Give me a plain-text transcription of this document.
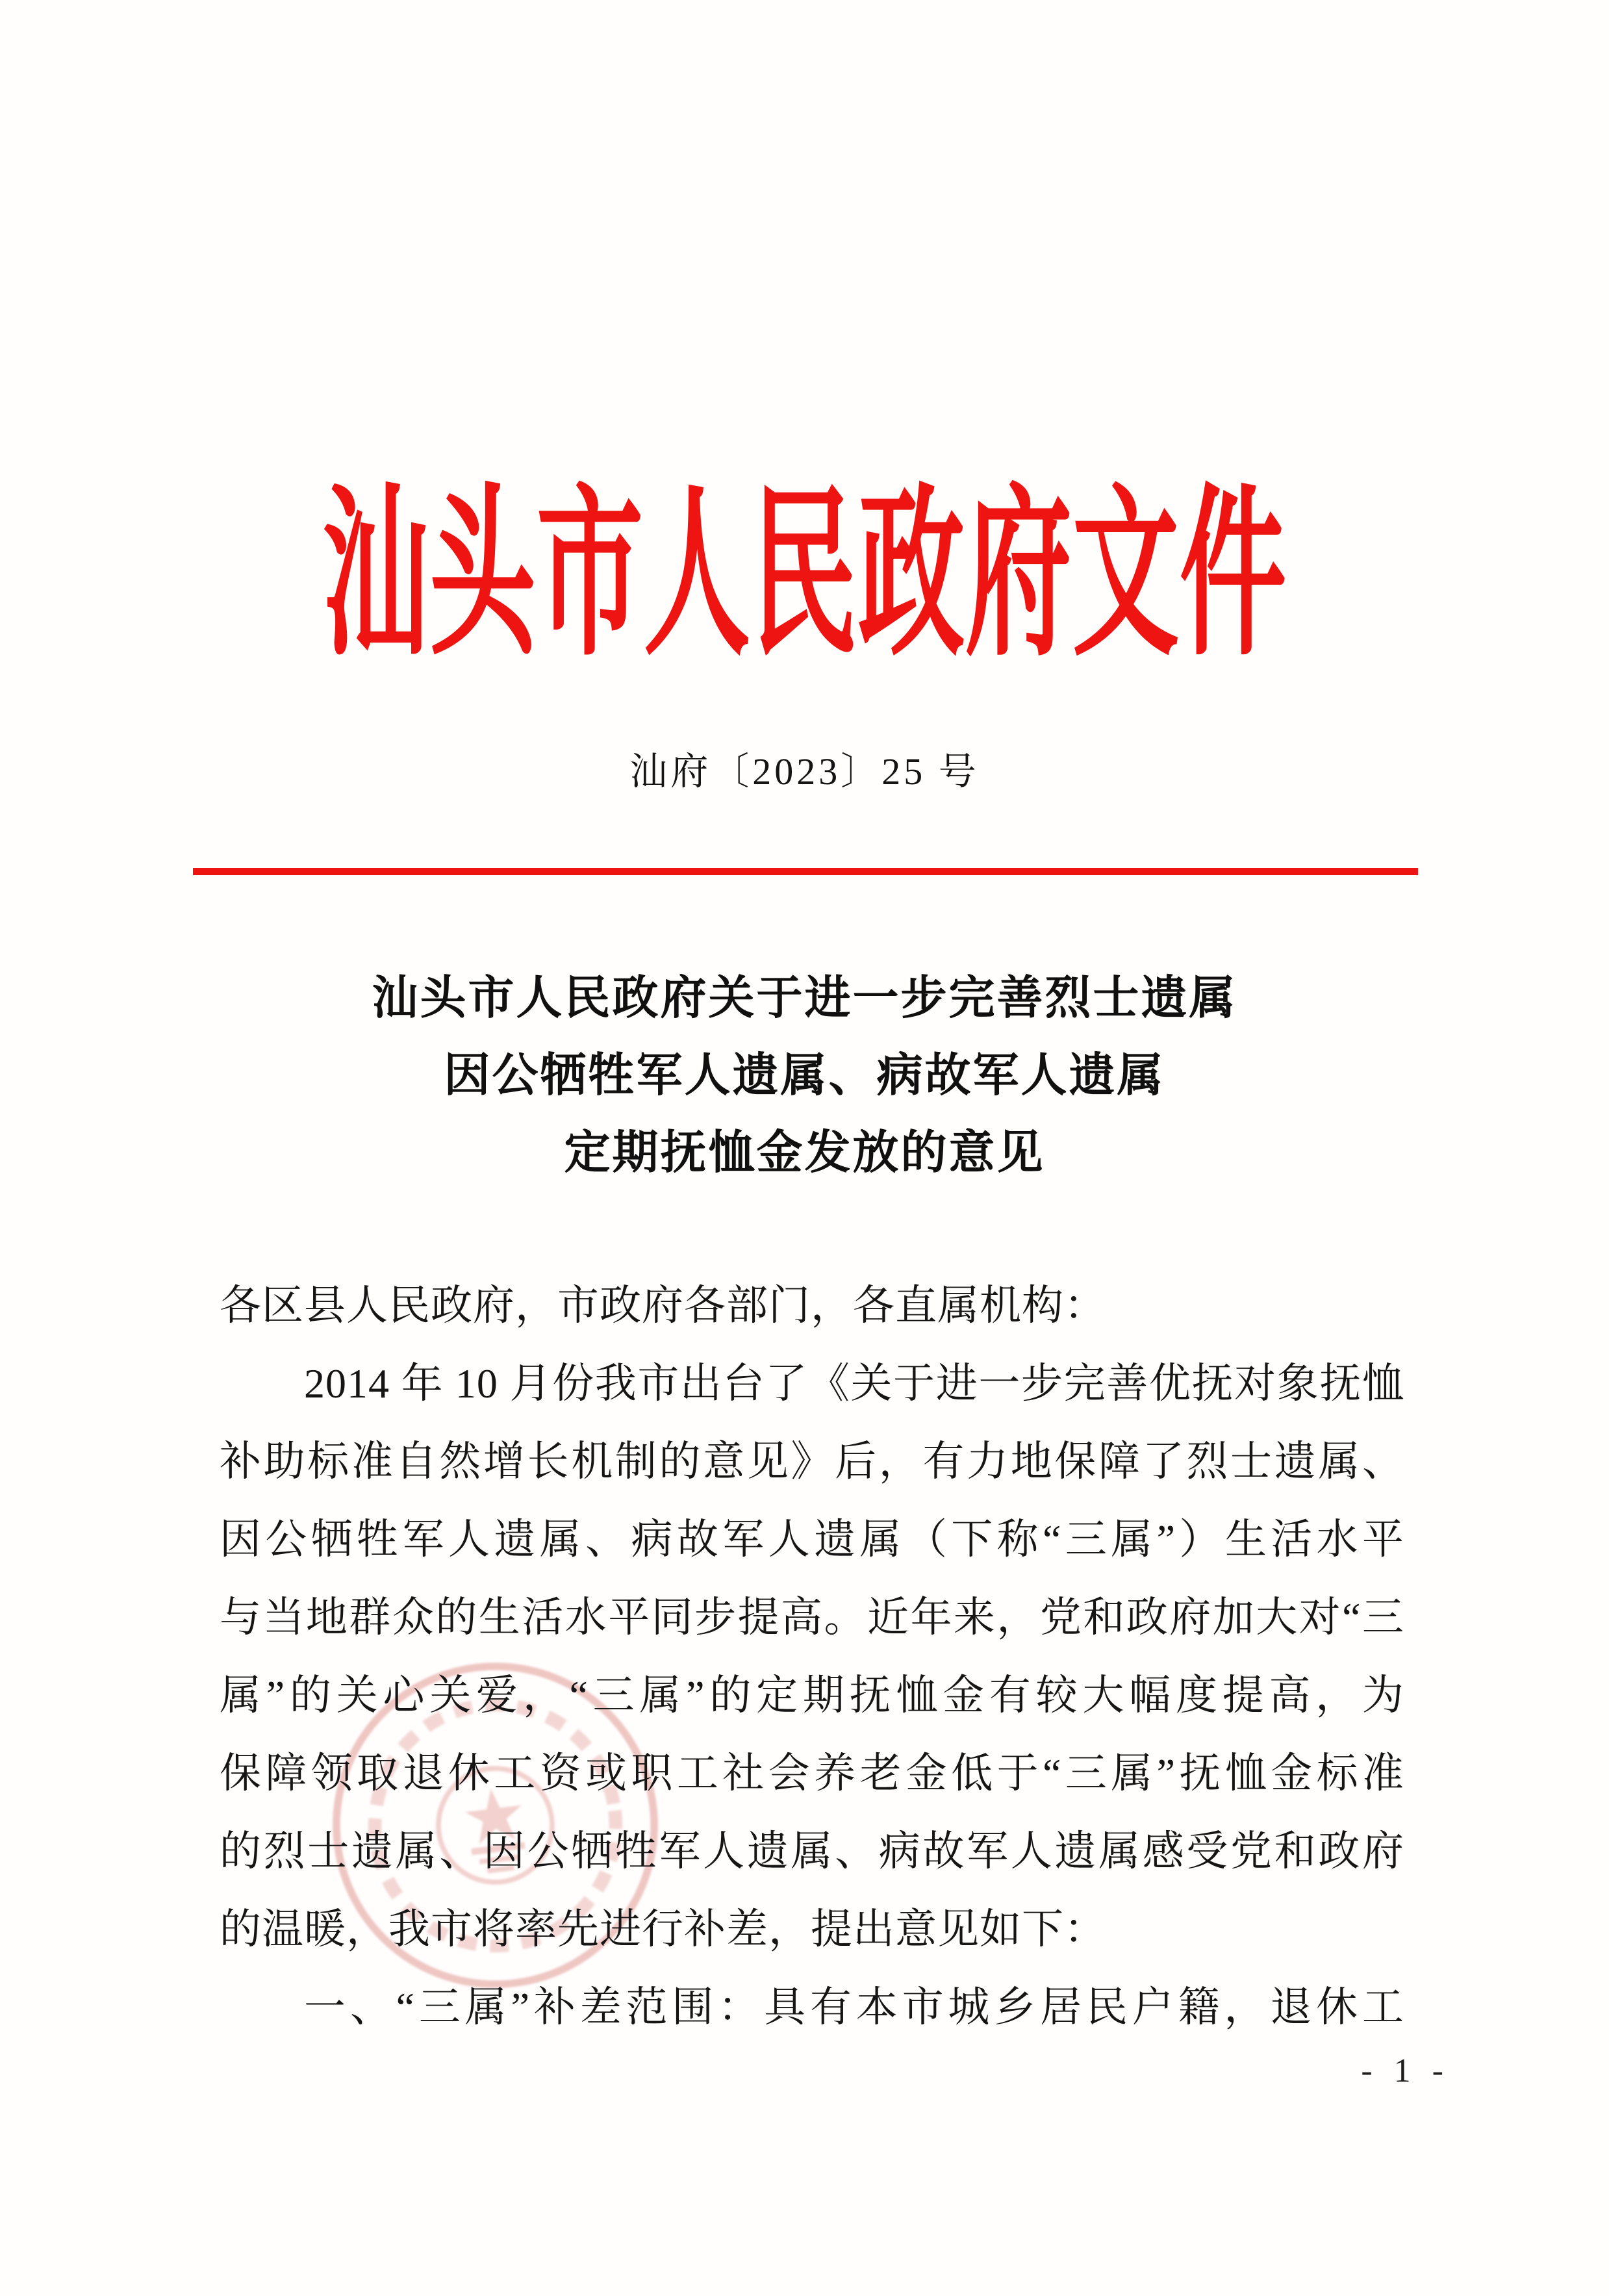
汕头市人民政府文件
汕府〔2023〕25 号
汕头市人民政府关于进一步完善烈士遗属
因公牺牲军人遗属、病故军人遗属
定期抚恤金发放的意见
各区县人民政府，市政府各部门，各直属机构：
2014 年 10 月份我市出台了《关于进一步完善优抚对象抚恤
补助标准自然增长机制的意见》后，有力地保障了烈士遗属、
因公牺牲军人遗属、病故军人遗属（下称“三属”）生活水平
与当地群众的生活水平同步提高。近年来，党和政府加大对“三
属”的关心关爱，“三属”的定期抚恤金有较大幅度提高，为
保障领取退休工资或职工社会养老金低于“三属”抚恤金标准
的烈士遗属、因公牺牲军人遗属、病故军人遗属感受党和政府
的温暖，我市将率先进行补差，提出意见如下：
一、“三属”补差范围：具有本市城乡居民户籍，退休工
- 1 -
